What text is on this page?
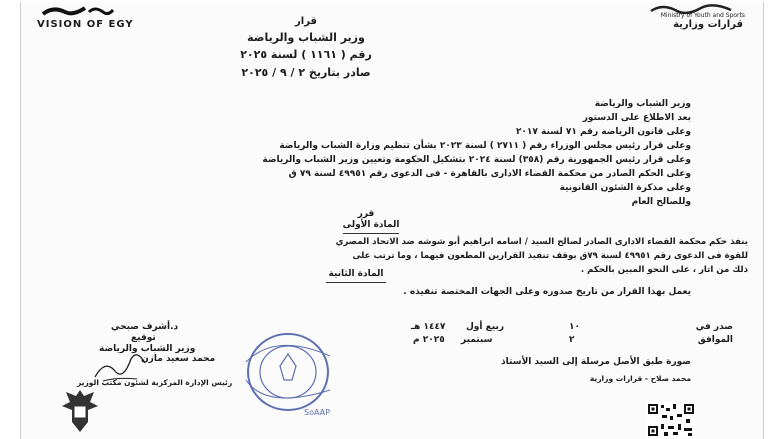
VISION OF EGY
Ministry of Youth and Sports
قرارات وزارية
قرار
وزير الشباب والرياضة
رقم ( ١١٦١ ) لسنة ٢٠٢٥
صادر بتاريخ ٢ / ٩ / ٢٠٢٥
وزير الشباب والرياضة
بعد الاطلاع على الدستور
وعلى قانون الرياضه رقم ٧١ لسنة ٢٠١٧
وعلى قرار رئيس مجلس الوزراء رقم ( ٢٧١١ ) لسنة ٢٠٢٣ بشأن تنظيم وزارة الشباب والرياضة
وعلى قرار رئيس الجمهورية رقم (٣٥٨) لسنة ٢٠٢٤ بتشكيل الحكومة وتعيين وزير الشباب والرياضة
وعلى الحكم الصادر من محكمة القضاء الادارى بالقاهرة - فى الدعوى رقم ٤٩٩٥١ لسنة ٧٩ ق
وعلى مذكرة الشئون القانونية
وللصالح العام
قرر
المادة الأولى
ينفذ حكم محكمة القضاء الادارى الصادر لصالح السيد / اسامه ابراهيم أبو شوشه ضد الاتحاد المصري
للقوة فى الدعوى رقم ٤٩٩٥١ لسنة ٧٩ق بوقف تنفيذ القرارين المطعون فيهما ، وما ترتب على
ذلك من اثار ، على النحو المبين بالحكم .
المادة الثانية
يعمل بهذا القرار من تاريخ صدوره وعلى الجهات المختصة تنفيذه .
صدر في
١٠
ربيع أول
١٤٤٧ هـ
الموافق
٢
سبتمبر
٢٠٢٥ م
د.أشرف صبحي
توقيع
وزير الشباب والرياضة
محمد سعيد مازن
رئيس الإدارة المركزية لشئون مكتب الوزير
SoAAP
صورة طبق الأصل مرسلة إلى السيد الأستاذ
محمد صلاح - قرارات وزارية
